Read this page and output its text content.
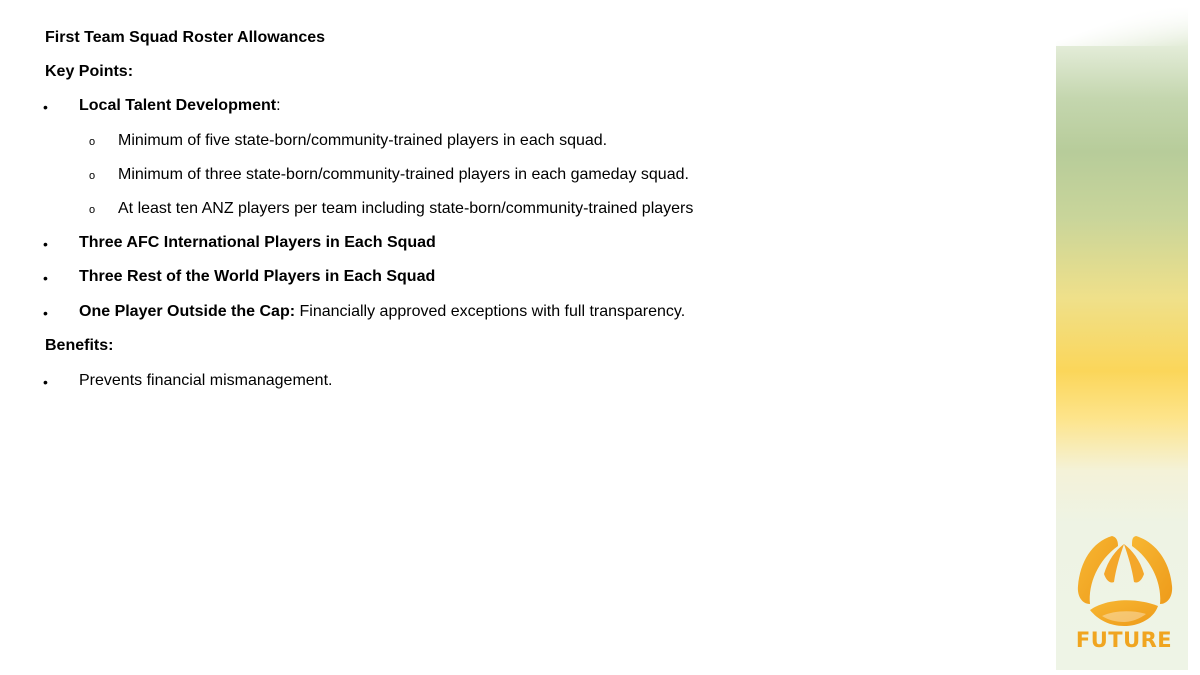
First Team Squad Roster Allowances
Key Points:
• Local Talent Development:
o Minimum of five state-born/community-trained players in each squad.
o Minimum of three state-born/community-trained players in each gameday squad.
o At least ten ANZ players per team including state-born/community-trained players
• Three AFC International Players in Each Squad
• Three Rest of the World Players in Each Squad
• One Player Outside the Cap: Financially approved exceptions with full transparency.
Benefits:
• Prevents financial mismanagement.
FUTURE
